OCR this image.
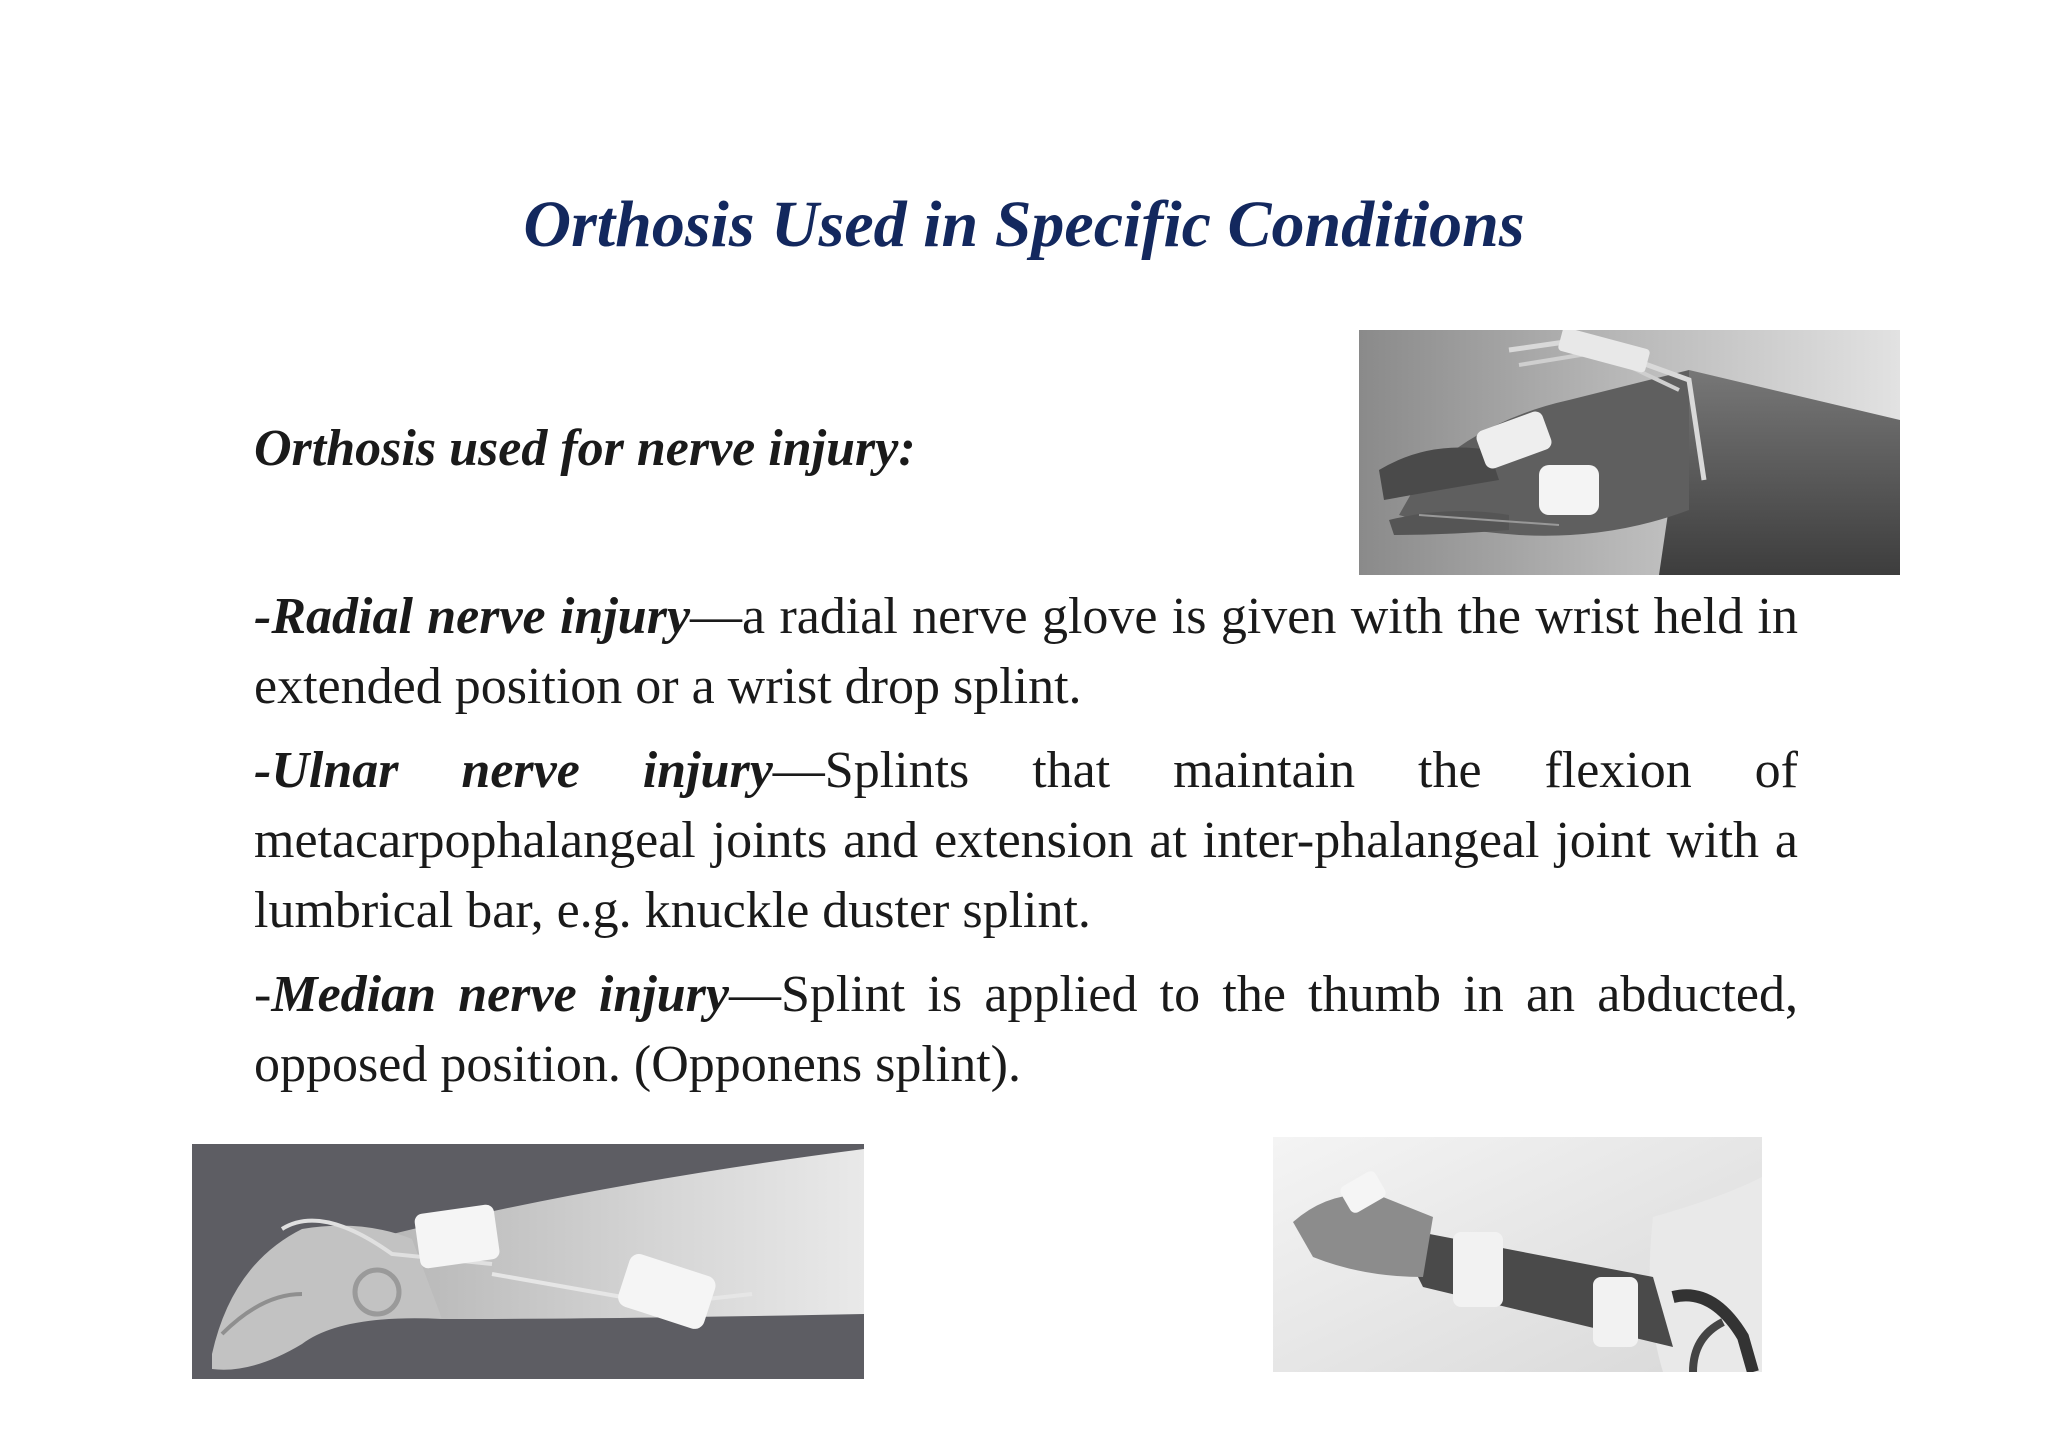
Orthosis Used in Specific Conditions
Orthosis used for nerve injury:

-Radial nerve injury—a radial nerve glove is given with the wrist held in extended position or a wrist drop splint.

-Ulnar nerve injury—Splints that maintain the flexion of metacarpophalangeal joints and extension at inter-phalangeal joint with a lumbrical bar, e.g. knuckle duster splint.

-Median nerve injury—Splint is applied to the thumb in an abducted, opposed position. (Opponens splint).
